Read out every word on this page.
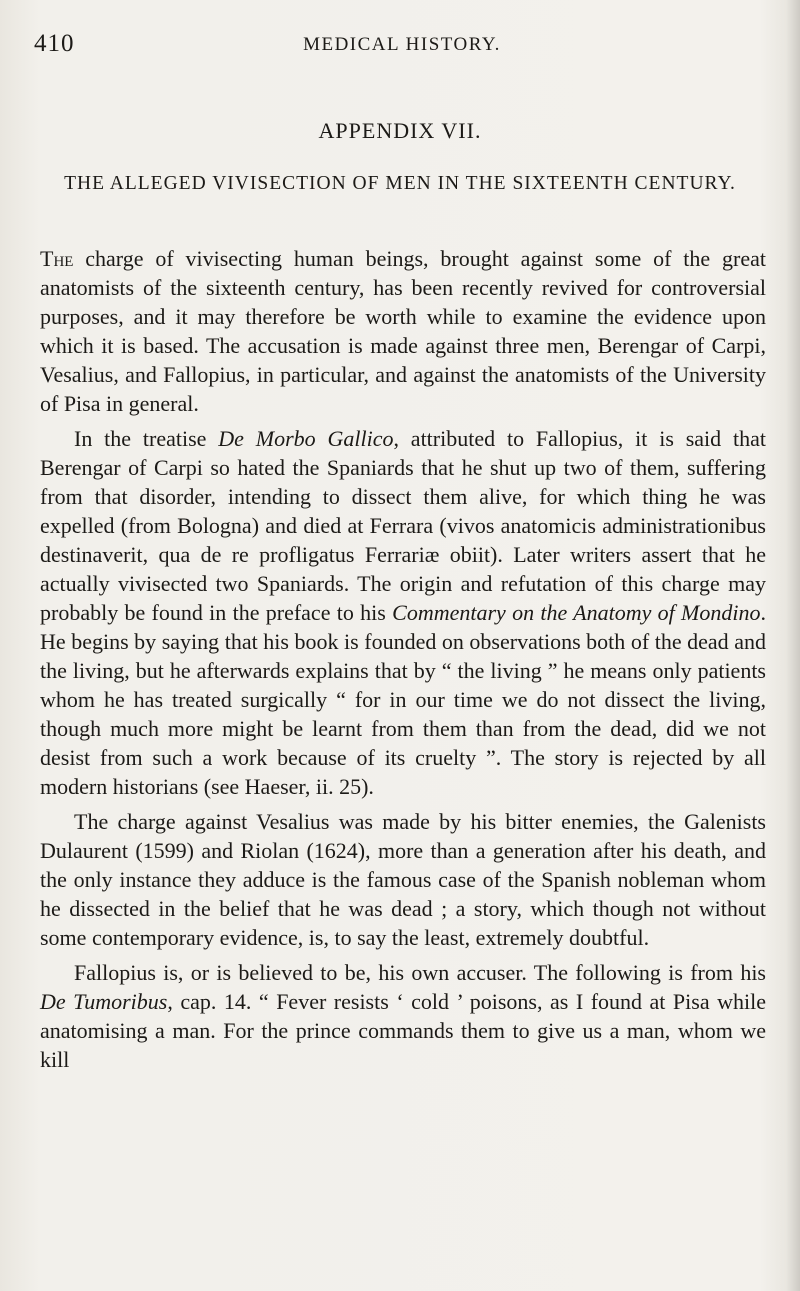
410	MEDICAL HISTORY.
APPENDIX VII.
THE ALLEGED VIVISECTION OF MEN IN THE SIXTEENTH CENTURY.

The charge of vivisecting human beings, brought against some of the great anatomists of the sixteenth century, has been recently revived for controversial purposes, and it may therefore be worth while to examine the evidence upon which it is based. The accusation is made against three men, Berengar of Carpi, Vesalius, and Fallopius, in particular, and against the anatomists of the University of Pisa in general.

In the treatise De Morbo Gallico, attributed to Fallopius, it is said that Berengar of Carpi so hated the Spaniards that he shut up two of them, suffering from that disorder, intending to dissect them alive, for which thing he was expelled (from Bologna) and died at Ferrara (vivos anatomicis administrationibus destinaverit, qua de re profligatus Ferrariæ obiit). Later writers assert that he actually vivisected two Spaniards. The origin and refutation of this charge may probably be found in the preface to his Commentary on the Anatomy of Mondino. He begins by saying that his book is founded on observations both of the dead and the living, but he afterwards explains that by “ the living ” he means only patients whom he has treated surgically “ for in our time we do not dissect the living, though much more might be learnt from them than from the dead, did we not desist from such a work because of its cruelty ”. The story is rejected by all modern historians (see Haeser, ii. 25).

The charge against Vesalius was made by his bitter enemies, the Galenists Dulaurent (1599) and Riolan (1624), more than a generation after his death, and the only instance they adduce is the famous case of the Spanish nobleman whom he dissected in the belief that he was dead ; a story, which though not without some contemporary evidence, is, to say the least, extremely doubtful.

Fallopius is, or is believed to be, his own accuser. The following is from his De Tumoribus, cap. 14. “ Fever resists ‘ cold ’ poisons, as I found at Pisa while anatomising a man. For the prince commands them to give us a man, whom we kill
